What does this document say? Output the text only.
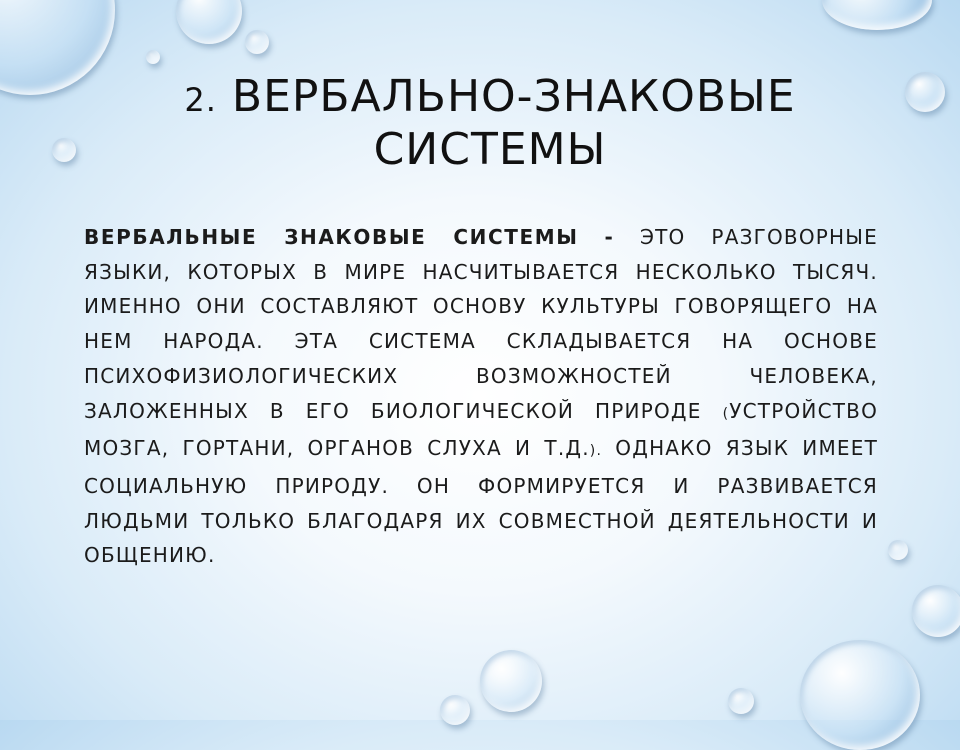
2. ВЕРБАЛЬНО-ЗНАКОВЫЕ СИСТЕМЫ
ВЕРБАЛЬНЫЕ ЗНАКОВЫЕ СИСТЕМЫ - ЭТО РАЗГОВОРНЫЕ ЯЗЫКИ, КОТОРЫХ В МИРЕ НАСЧИТЫВАЕТСЯ НЕСКОЛЬКО ТЫСЯЧ. ИМЕННО ОНИ СОСТАВЛЯЮТ ОСНОВУ КУЛЬТУРЫ ГОВОРЯЩЕГО НА НЕМ НАРОДА. ЭТА СИСТЕМА СКЛАДЫВАЕТСЯ НА ОСНОВЕ ПСИХОФИЗИОЛОГИЧЕСКИХ ВОЗМОЖНОСТЕЙ ЧЕЛОВЕКА, ЗАЛОЖЕННЫХ В ЕГО БИОЛОГИЧЕСКОЙ ПРИРОДЕ (УСТРОЙСТВО МОЗГА, ГОРТАНИ, ОРГАНОВ СЛУХА И Т.Д.). ОДНАКО ЯЗЫК ИМЕЕТ СОЦИАЛЬНУЮ ПРИРОДУ. ОН ФОРМИРУЕТСЯ И РАЗВИВАЕТСЯ ЛЮДЬМИ ТОЛЬКО БЛАГОДАРЯ ИХ СОВМЕСТНОЙ ДЕЯТЕЛЬНОСТИ И ОБЩЕНИЮ.
